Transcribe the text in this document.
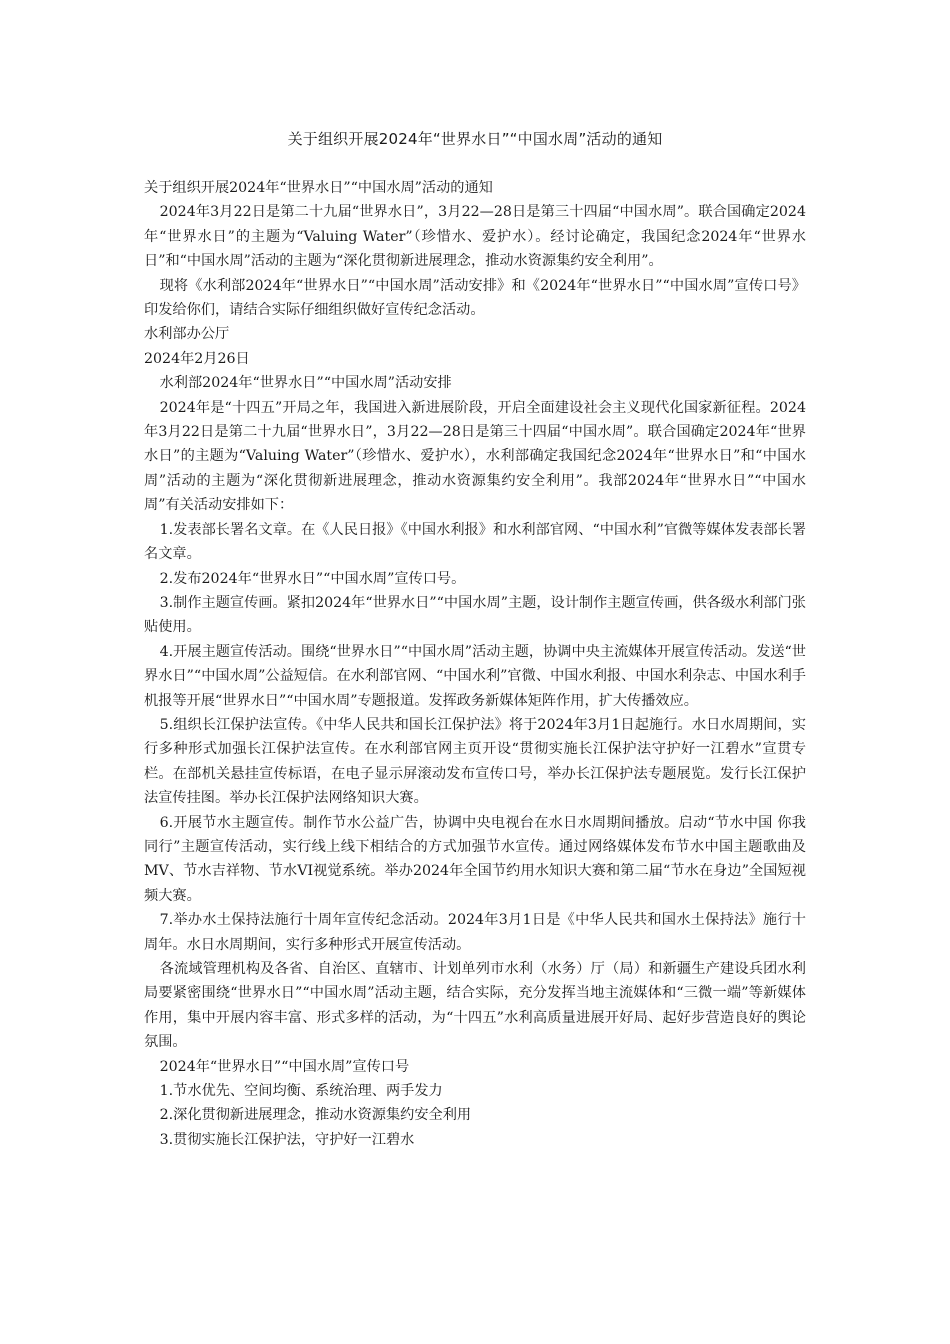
关于组织开展2024年“世界水日”“中国水周”活动的通知

关于组织开展2024年“世界水日”“中国水周”活动的通知

2024年3月22日是第二十九届“世界水日”，3月22—28日是第三十四届“中国水周”。联合国确定2024年“世界水日”的主题为“Valuing Water”（珍惜水、爱护水）。经讨论确定，我国纪念2024年“世界水日”和“中国水周”活动的主题为“深化贯彻新进展理念，推动水资源集约安全利用”。

现将《水利部2024年“世界水日”“中国水周”活动安排》和《2024年“世界水日”“中国水周”宣传口号》印发给你们，请结合实际仔细组织做好宣传纪念活动。

水利部办公厅

2024年2月26日

水利部2024年“世界水日”“中国水周”活动安排

2024年是“十四五”开局之年，我国进入新进展阶段，开启全面建设社会主义现代化国家新征程。2024年3月22日是第二十九届“世界水日”，3月22—28日是第三十四届“中国水周”。联合国确定2024年“世界水日”的主题为“Valuing Water”（珍惜水、爱护水），水利部确定我国纪念2024年“世界水日”和“中国水周”活动的主题为“深化贯彻新进展理念，推动水资源集约安全利用”。我部2024年“世界水日”“中国水周”有关活动安排如下：

1.发表部长署名文章。在《人民日报》《中国水利报》和水利部官网、“中国水利”官微等媒体发表部长署名文章。

2.发布2024年“世界水日”“中国水周”宣传口号。

3.制作主题宣传画。紧扣2024年“世界水日”“中国水周”主题，设计制作主题宣传画，供各级水利部门张贴使用。

4.开展主题宣传活动。围绕“世界水日”“中国水周”活动主题，协调中央主流媒体开展宣传活动。发送“世界水日”“中国水周”公益短信。在水利部官网、“中国水利”官微、中国水利报、中国水利杂志、中国水利手机报等开展“世界水日”“中国水周”专题报道。发挥政务新媒体矩阵作用，扩大传播效应。

5.组织长江保护法宣传。《中华人民共和国长江保护法》将于2024年3月1日起施行。水日水周期间，实行多种形式加强长江保护法宣传。在水利部官网主页开设“贯彻实施长江保护法守护好一江碧水”宣贯专栏。在部机关悬挂宣传标语，在电子显示屏滚动发布宣传口号，举办长江保护法专题展览。发行长江保护法宣传挂图。举办长江保护法网络知识大赛。

6.开展节水主题宣传。制作节水公益广告，协调中央电视台在水日水周期间播放。启动“节水中国 你我同行”主题宣传活动，实行线上线下相结合的方式加强节水宣传。通过网络媒体发布节水中国主题歌曲及MV、节水吉祥物、节水VI视觉系统。举办2024年全国节约用水知识大赛和第二届“节水在身边”全国短视频大赛。

7.举办水土保持法施行十周年宣传纪念活动。2024年3月1日是《中华人民共和国水土保持法》施行十周年。水日水周期间，实行多种形式开展宣传活动。

各流域管理机构及各省、自治区、直辖市、计划单列市水利（水务）厅（局）和新疆生产建设兵团水利局要紧密围绕“世界水日”“中国水周”活动主题，结合实际，充分发挥当地主流媒体和“三微一端”等新媒体作用，集中开展内容丰富、形式多样的活动，为“十四五”水利高质量进展开好局、起好步营造良好的舆论氛围。

2024年“世界水日”“中国水周”宣传口号

1.节水优先、空间均衡、系统治理、两手发力

2.深化贯彻新进展理念，推动水资源集约安全利用

3.贯彻实施长江保护法，守护好一江碧水
